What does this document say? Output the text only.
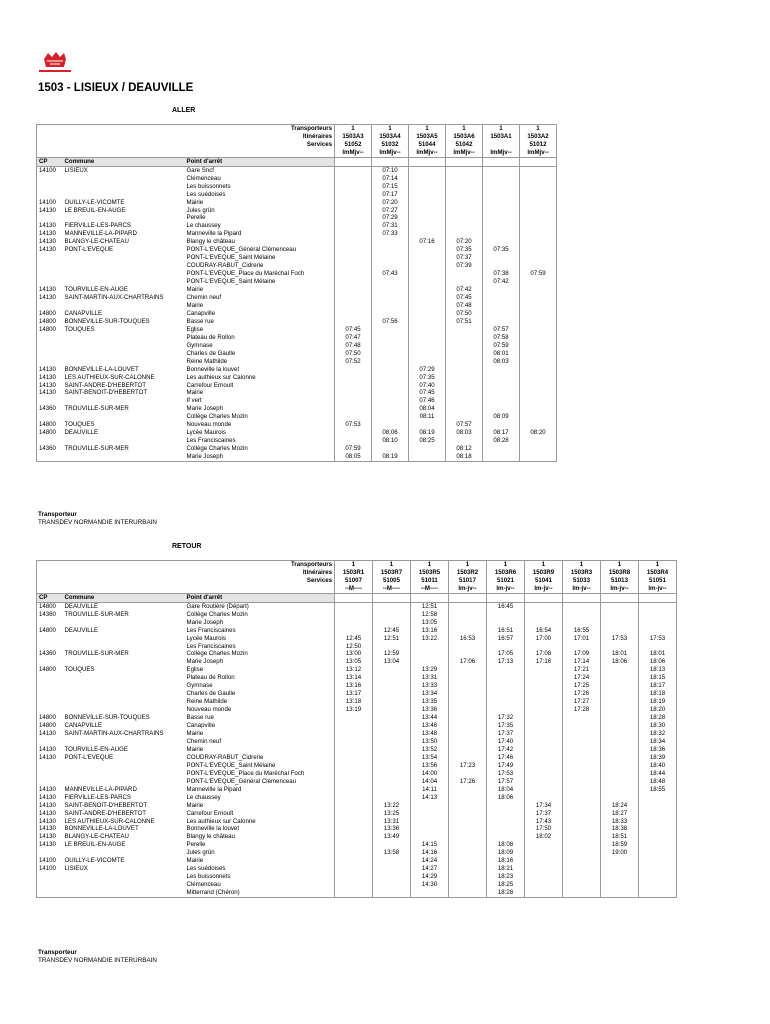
1503 - LISIEUX / DEAUVILLE
ALLER
		Transporteurs	1	1	1	1	1	1
		Itinéraires	1503A3	1503A4	1503A5	1503A6	1503A1	1503A2
		Services	51052	51032	51044	51042		51012
			lmMjv--	lmMjv--	lmMjv--	lmMjv--	lmMjv--	lmMjv--
CP	Commune	Point d'arrêt						
14100	LISIEUX	Gare Sncf		07:10				
		Clémenceau		07:14				
		Les buissonnets		07:15				
		Les suédoises		07:17				
14100	OUILLY-LE-VICOMTE	Mairie		07:20				
14130	LE BREUIL-EN-AUGE	Jules grûn		07:27				
		Perelle		07:29				
14130	FIERVILLE-LES-PARCS	Le chaussey		07:31				
14130	MANNEVILLE-LA-PIPARD	Manneville la Pipard		07:33				
14130	BLANGY-LE-CHATEAU	Blangy le château			07:16	07:20		
14130	PONT-L'EVEQUE	PONT-L'EVEQUE_Général Clémenceau				07:35	07:35	
		PONT-L'EVEQUE_Saint Mélaine				07:37		
		COUDRAY-RABUT_Cidrerie				07:39		
		PONT-L'EVEQUE_Place du Maréchal Foch		07:43			07:38	07:59
		PONT-L'EVEQUE_Saint Mélaine					07:42	
14130	TOURVILLE-EN-AUGE	Mairie				07:42		
14130	SAINT-MARTIN-AUX-CHARTRAINS	Chemin neuf				07:45		
		Mairie				07:48		
14800	CANAPVILLE	Canapville				07:50		
14800	BONNEVILLE-SUR-TOUQUES	Basse rue		07:56		07:51		
14800	TOUQUES	Eglise	07:45				07:57	
		Plateau de Rollon	07:47				07:58	
		Gymnase	07:48				07:59	
		Charles de Gaulle	07:50				08:01	
		Reine Mathilde	07:52				08:03	
14130	BONNEVILLE-LA-LOUVET	Bonneville la louvet			07:29			
14130	LES AUTHIEUX-SUR-CALONNE	Les authieux sur Calonne			07:35			
14130	SAINT-ANDRE-D'HEBERTOT	Carrefour Ernoult			07:40			
14130	SAINT-BENOIT-D'HEBERTOT	Mairie			07:45			
		If vert			07:46			
14360	TROUVILLE-SUR-MER	Marie Joseph			08:04			
		Collège Charles Mozin			08:11		08:09	
14800	TOUQUES	Nouveau monde	07:53			07:57		
14800	DEAUVILLE	Lycée Maurois		08:06	08:19	08:03	08:17	08:20
		Les Franciscaines		08:10	08:25		08:28	
14360	TROUVILLE-SUR-MER	Collège Charles Mozin	07:59			08:12		
		Marie Joseph	08:05	08:19		08:18		
Transporteur
TRANSDEV NORMANDIE INTERURBAIN
RETOUR
		Transporteurs	1	1	1	1	1	1	1	1	1
		Itinéraires	1503R1	1503R7	1503R5	1503R2	1503R6	1503R9	1503R3	1503R8	1503R4
		Services	51007	51005	51011	51017	51021	51041	51033	51013	51051
			--M----	--M----	--M----	lm-jv--	lm-jv--	lm-jv--	lm-jv--	lm-jv--	lm-jv--
CP	Commune	Point d'arrêt									
14800	DEAUVILLE	Gare Routière (Départ)			12:51		16:45				
14360	TROUVILLE-SUR-MER	Collège Charles Mozin			12:58						
		Marie Joseph			13:05						
14800	DEAUVILLE	Les Franciscaines		12:45	13:16		16:51	16:54	16:55		
		Lycée Maurois	12:45	12:51	13:22	16:53	16:57	17:00	17:01	17:53	17:53
		Les Franciscaines	12:50								
14360	TROUVILLE-SUR-MER	Collège Charles Mozin	13:00	12:59			17:05	17:08	17:09	18:01	18:01
		Marie Joseph	13:05	13:04		17:06	17:13	17:16	17:14	18:06	18:06
14800	TOUQUES	Eglise	13:12		13:29				17:21		18:13
		Plateau de Rollon	13:14		13:31				17:24		18:15
		Gymnase	13:16		13:33				17:25		18:17
		Charles de Gaulle	13:17		13:34				17:26		18:18
		Reine Mathilde	13:18		13:35				17:27		18:19
		Nouveau monde	13:19		13:36				17:28		18:20
14800	BONNEVILLE-SUR-TOUQUES	Basse rue			13:44		17:32				18:28
14800	CANAPVILLE	Canapville			13:46		17:35				18:30
14130	SAINT-MARTIN-AUX-CHARTRAINS	Mairie			13:48		17:37				18:32
		Chemin neuf			13:50		17:40				18:34
14130	TOURVILLE-EN-AUGE	Mairie			13:52		17:42				18:36
14130	PONT-L'EVEQUE	COUDRAY-RABUT_Cidrerie			13:54		17:46				18:39
		PONT-L'EVEQUE_Saint Mélaine			13:56	17:23	17:49				18:40
		PONT-L'EVEQUE_Place du Maréchal Foch			14:00		17:53				18:44
		PONT-L'EVEQUE_Général Clémenceau			14:04	17:26	17:57				18:48
14130	MANNEVILLE-LA-PIPARD	Manneville la Pipard			14:11		18:04				18:55
14130	FIERVILLE-LES-PARCS	Le chaussey			14:13		18:06				
14130	SAINT-BENOIT-D'HEBERTOT	Mairie		13:22				17:34		18:24	
14130	SAINT-ANDRE-D'HEBERTOT	Carrefour Ernoult		13:25				17:37		18:27	
14130	LES AUTHIEUX-SUR-CALONNE	Les authieux sur Calonne		13:31				17:43		18:33	
14130	BONNEVILLE-LA-LOUVET	Bonneville la louvet		13:36				17:50		18:38	
14130	BLANGY-LE-CHATEAU	Blangy le château		13:49				18:02		18:51	
14130	LE BREUIL-EN-AUGE	Perelle			14:15		18:08			18:59	
		Jules grûn		13:58	14:16		18:09			19:00	
14100	OUILLY-LE-VICOMTE	Mairie			14:24		18:16				
14100	LISIEUX	Les suédoises			14:27		18:21				
		Les buissonnets			14:29		18:23				
		Clémenceau			14:30		18:25				
		Mitterrand (Chéron)					18:28				
Transporteur
TRANSDEV NORMANDIE INTERURBAIN
